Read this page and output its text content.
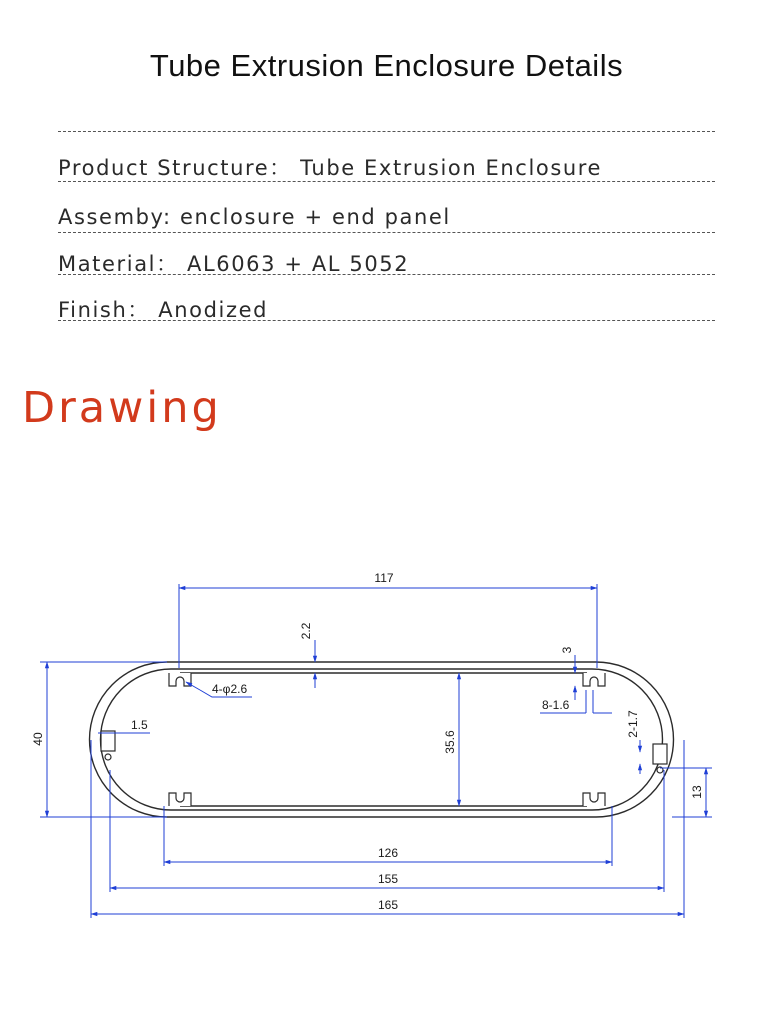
Tube Extrusion Enclosure Details
Product Structure： Tube Extrusion Enclosure
Assemby: enclosure + end panel
Material： AL6063 + AL 5052
Finish： Anodized
Drawing
117
2.2
3
4-φ2.6
8-1.6
1.5	2-1.7
40	35.6
13
126
155
165
